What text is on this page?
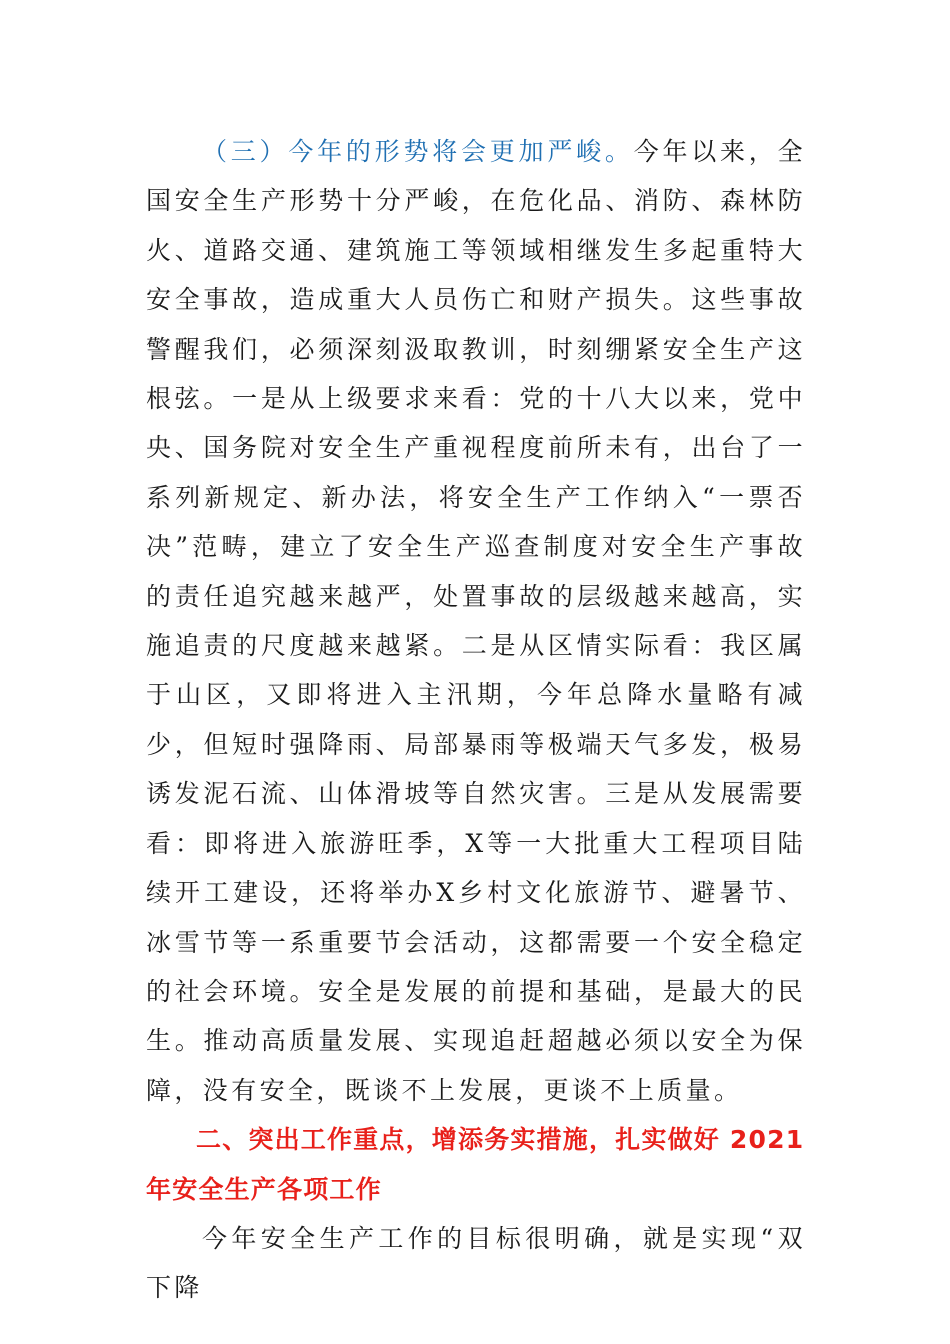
（三）今年的形势将会更加严峻。今年以来，全国安全生产形势十分严峻，在危化品、消防、森林防火、道路交通、建筑施工等领域相继发生多起重特大安全事故，造成重大人员伤亡和财产损失。这些事故警醒我们，必须深刻汲取教训，时刻绷紧安全生产这根弦。一是从上级要求来看：党的十八大以来，党中央、国务院对安全生产重视程度前所未有，出台了一系列新规定、新办法，将安全生产工作纳入“一票否决”范畴，建立了安全生产巡查制度对安全生产事故的责任追究越来越严，处置事故的层级越来越高，实施追责的尺度越来越紧。二是从区情实际看：我区属于山区，又即将进入主汛期，今年总降水量略有减少，但短时强降雨、局部暴雨等极端天气多发，极易诱发泥石流、山体滑坡等自然灾害。三是从发展需要看：即将进入旅游旺季，X等一大批重大工程项目陆续开工建设，还将举办X乡村文化旅游节、避暑节、冰雪节等一系重要节会活动，这都需要一个安全稳定的社会环境。安全是发展的前提和基础，是最大的民生。推动高质量发展、实现追赶超越必须以安全为保障，没有安全，既谈不上发展，更谈不上质量。

二、突出工作重点，增添务实措施，扎实做好 2021 年安全生产各项工作

今年安全生产工作的目标很明确，就是实现“双下降
